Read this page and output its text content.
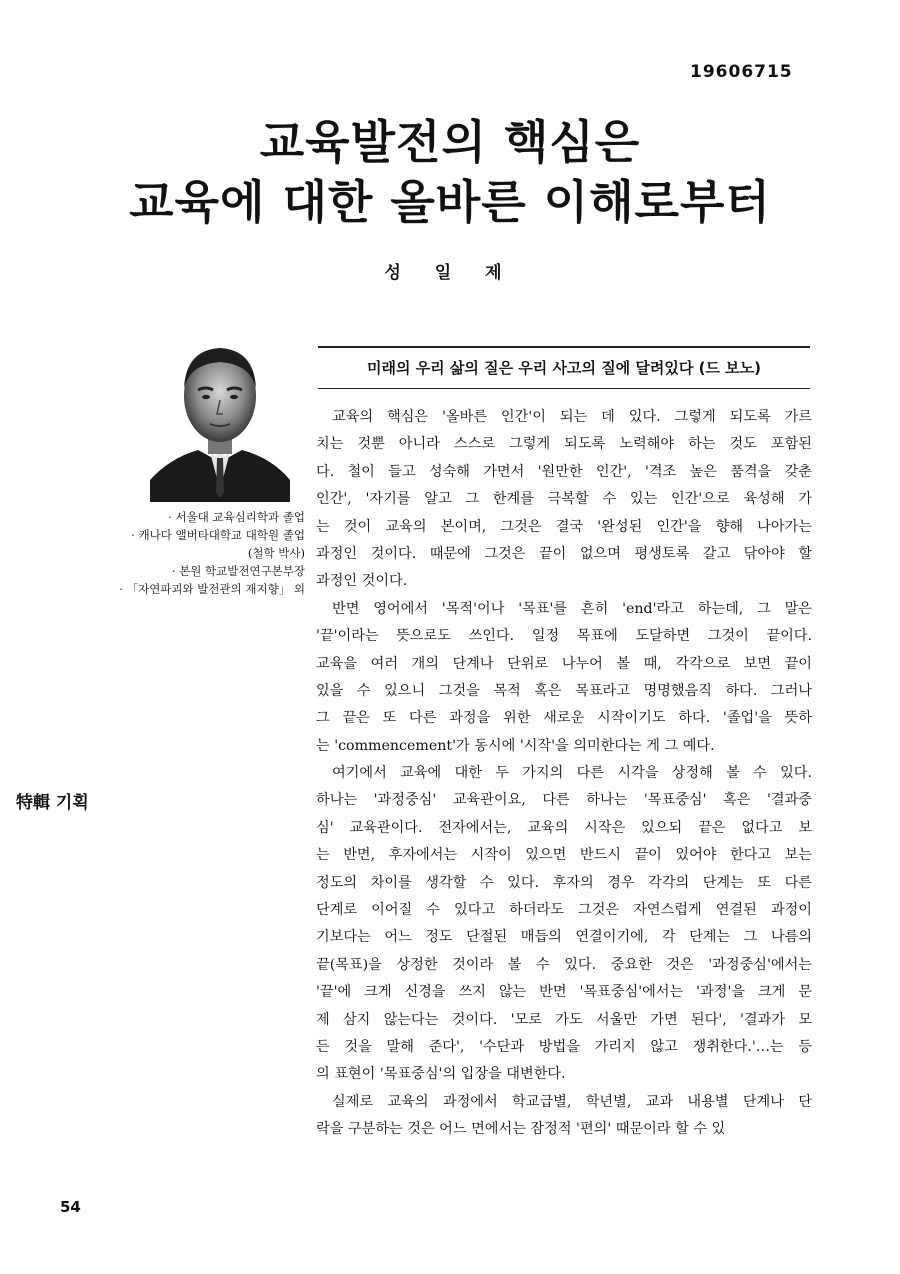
19606715
교육발전의 핵심은
교육에 대한 올바른 이해로부터
성 일 제
· 서울대 교육심리학과 졸업
· 캐나다 앨버타대학교 대학원 졸업
(철학 박사)
· 본원 학교발전연구본부장
· 「자연파괴와 발전관의 재지향」 외
特輯 기획
미래의 우리 삶의 질은 우리 사고의 질에 달려있다 (드 보노)
교육의 핵심은 '올바른 인간'이 되는 데 있다. 그렇게 되도록 가르
치는 것뿐 아니라 스스로 그렇게 되도록 노력해야 하는 것도 포함된
다. 철이 들고 성숙해 가면서 '원만한 인간', '격조 높은 품격을 갖춘
인간', '자기를 알고 그 한계를 극복할 수 있는 인간'으로 육성해 가
는 것이 교육의 본이며, 그것은 결국 '완성된 인간'을 향해 나아가는
과정인 것이다. 때문에 그것은 끝이 없으며 평생토록 갈고 닦아야 할
과정인 것이다.
반면 영어에서 '목적'이나 '목표'를 흔히 'end'라고 하는데, 그 말은
'끝'이라는 뜻으로도 쓰인다. 일정 목표에 도달하면 그것이 끝이다.
교육을 여러 개의 단계나 단위로 나누어 볼 때, 각각으로 보면 끝이
있을 수 있으니 그것을 목적 혹은 목표라고 명명했음직 하다. 그러나
그 끝은 또 다른 과정을 위한 새로운 시작이기도 하다. '졸업'을 뜻하
는 'commencement'가 동시에 '시작'을 의미한다는 게 그 예다.
여기에서 교육에 대한 두 가지의 다른 시각을 상정해 볼 수 있다.
하나는 '과정중심' 교육관이요, 다른 하나는 '목표중심' 혹은 '결과중
심' 교육관이다. 전자에서는, 교육의 시작은 있으되 끝은 없다고 보
는 반면, 후자에서는 시작이 있으면 반드시 끝이 있어야 한다고 보는
정도의 차이를 생각할 수 있다. 후자의 경우 각각의 단계는 또 다른
단계로 이어질 수 있다고 하더라도 그것은 자연스럽게 연결된 과정이
기보다는 어느 정도 단절된 매듭의 연결이기에, 각 단계는 그 나름의
끝(목표)을 상정한 것이라 볼 수 있다. 중요한 것은 '과정중심'에서는
'끝'에 크게 신경을 쓰지 않는 반면 '목표중심'에서는 '과정'을 크게 문
제 삼지 않는다는 것이다. '모로 가도 서울만 가면 된다', '결과가 모
든 것을 말해 준다', '수단과 방법을 가리지 않고 쟁취한다.'…는 등
의 표현이 '목표중심'의 입장을 대변한다.
실제로 교육의 과정에서 학교급별, 학년별, 교과 내용별 단계나 단
락을 구분하는 것은 어느 면에서는 잠정적 '편의' 때문이라 할 수 있
54
